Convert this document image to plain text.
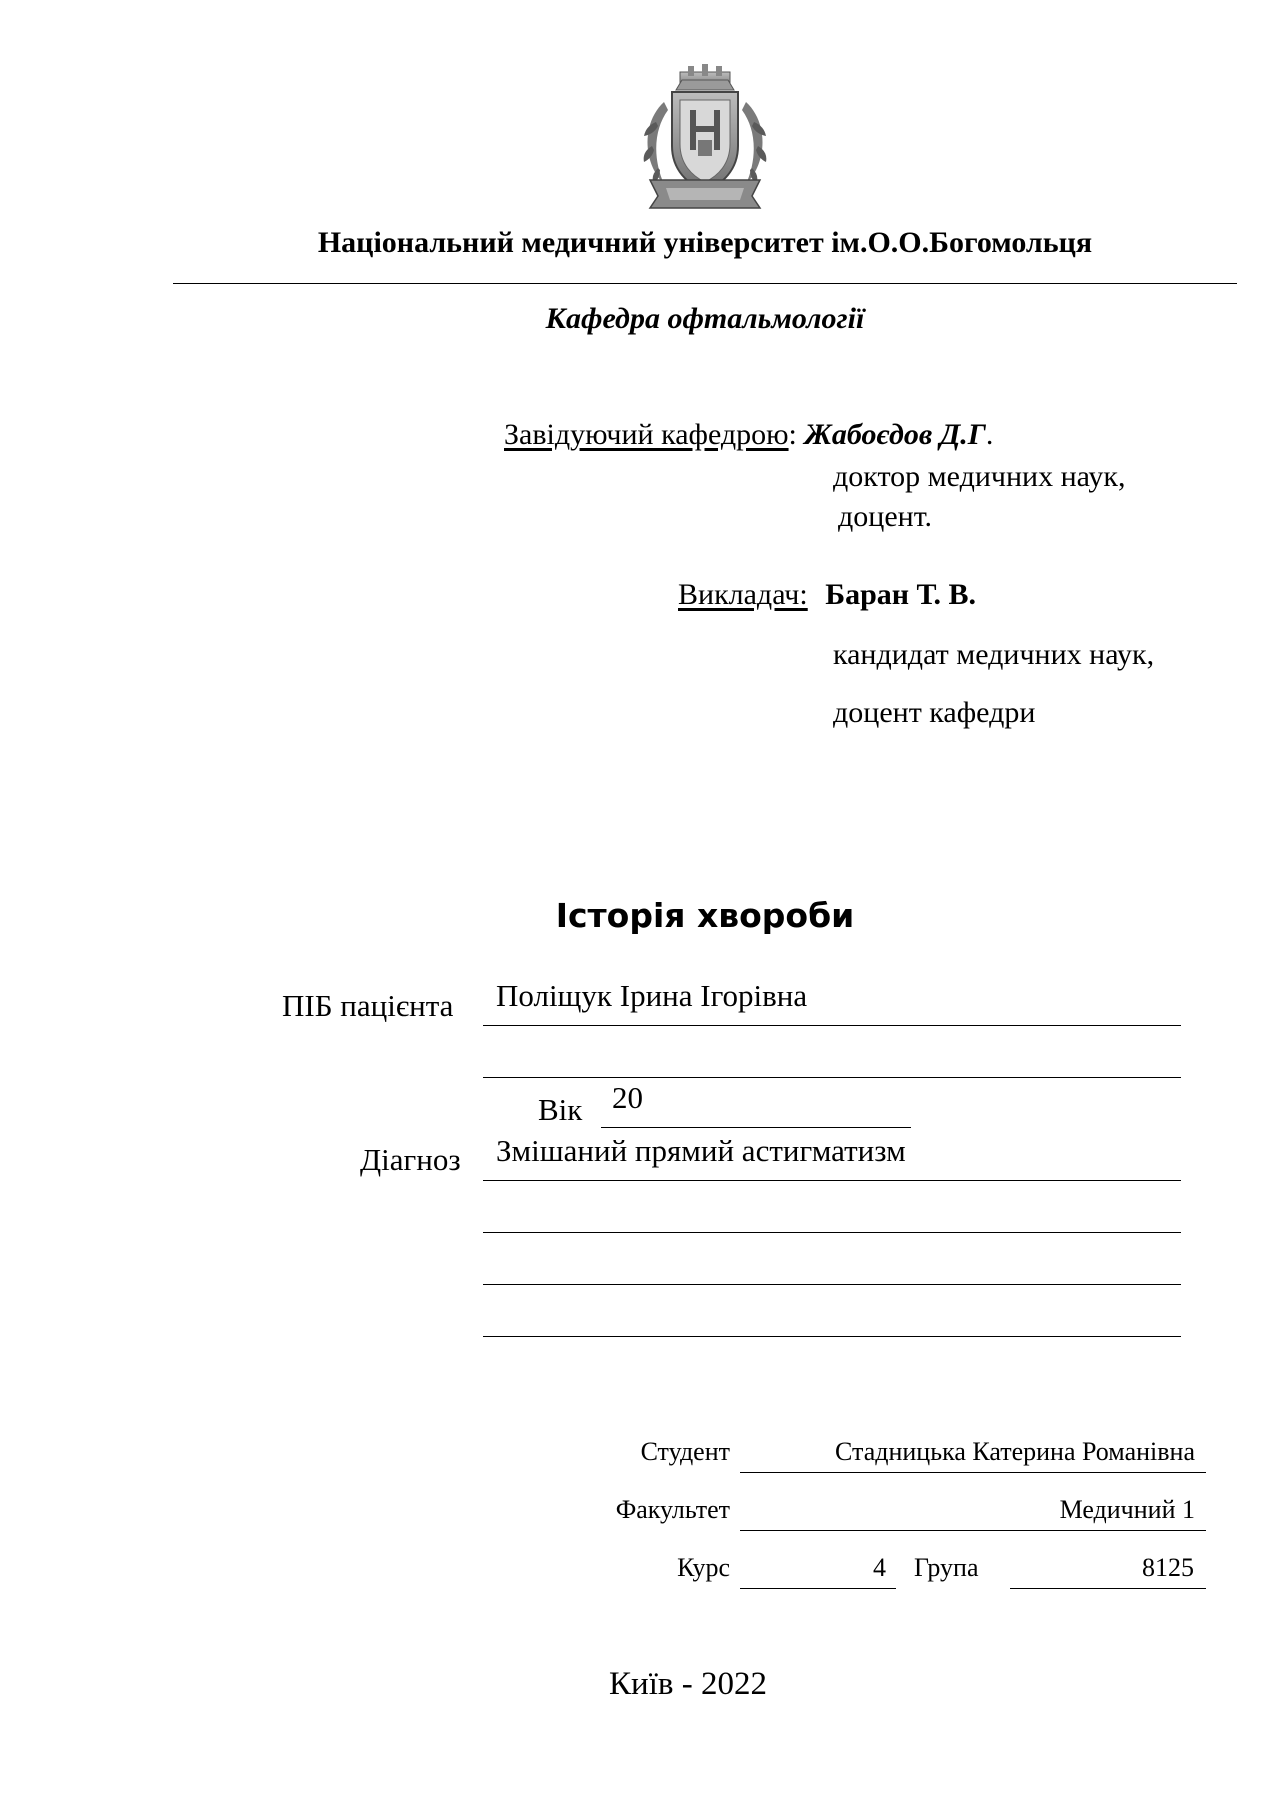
Національний медичний університет ім.О.О.Богомольця
Кафедра офтальмології
Завідуючий кафедрою: Жабоєдов Д.Г.
доктор медичних наук,
доцент.
Викладач: Баран Т. В.
кандидат медичних наук,
доцент кафедри
Історія хвороби
ПІБ пацієнта Поліщук Ірина Ігорівна
Вік 20
Діагноз Змішаний прямий астигматизм
Студент	Стадницька Катерина Романівна
Факультет	Медичний 1
Курс	4 Група	8125
Київ - 2022
